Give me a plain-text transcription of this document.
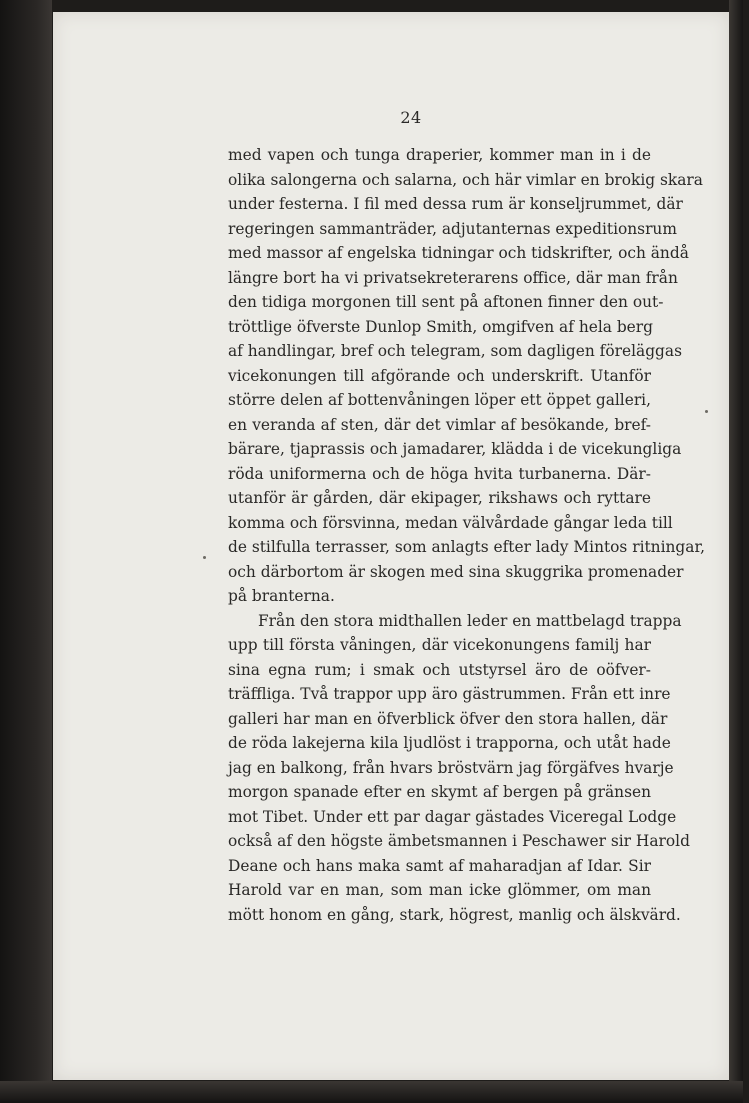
24
med vapen och tunga draperier, kommer man in i de
olika salongerna och salarna, och här vimlar en brokig skara
under festerna. I fil med dessa rum är konseljrummet, där
regeringen sammanträder, adjutanternas expeditionsrum
med massor af engelska tidningar och tidskrifter, och ändå
längre bort ha vi privatsekreterarens office, där man från
den tidiga morgonen till sent på aftonen finner den out-
tröttlige öfverste Dunlop Smith, omgifven af hela berg
af handlingar, bref och telegram, som dagligen föreläggas
vicekonungen till afgörande och underskrift. Utanför
större delen af bottenvåningen löper ett öppet galleri,
en veranda af sten, där det vimlar af besökande, bref-
bärare, tjaprassis och jamadarer, klädda i de vicekungliga
röda uniformerna och de höga hvita turbanerna. Där-
utanför är gården, där ekipager, rikshaws och ryttare
komma och försvinna, medan välvårdade gångar leda till
de stilfulla terrasser, som anlagts efter lady Mintos ritningar,
och därbortom är skogen med sina skuggrika promenader
på branterna.
Från den stora midthallen leder en mattbelagd trappa
upp till första våningen, där vicekonungens familj har
sina egna rum; i smak och utstyrsel äro de oöfver-
träffliga. Två trappor upp äro gästrummen. Från ett inre
galleri har man en öfverblick öfver den stora hallen, där
de röda lakejerna kila ljudlöst i trapporna, och utåt hade
jag en balkong, från hvars bröstvärn jag förgäfves hvarje
morgon spanade efter en skymt af bergen på gränsen
mot Tibet. Under ett par dagar gästades Viceregal Lodge
också af den högste ämbetsmannen i Peschawer sir Harold
Deane och hans maka samt af maharadjan af Idar. Sir
Harold var en man, som man icke glömmer, om man
mött honom en gång, stark, högrest, manlig och älskvärd.
